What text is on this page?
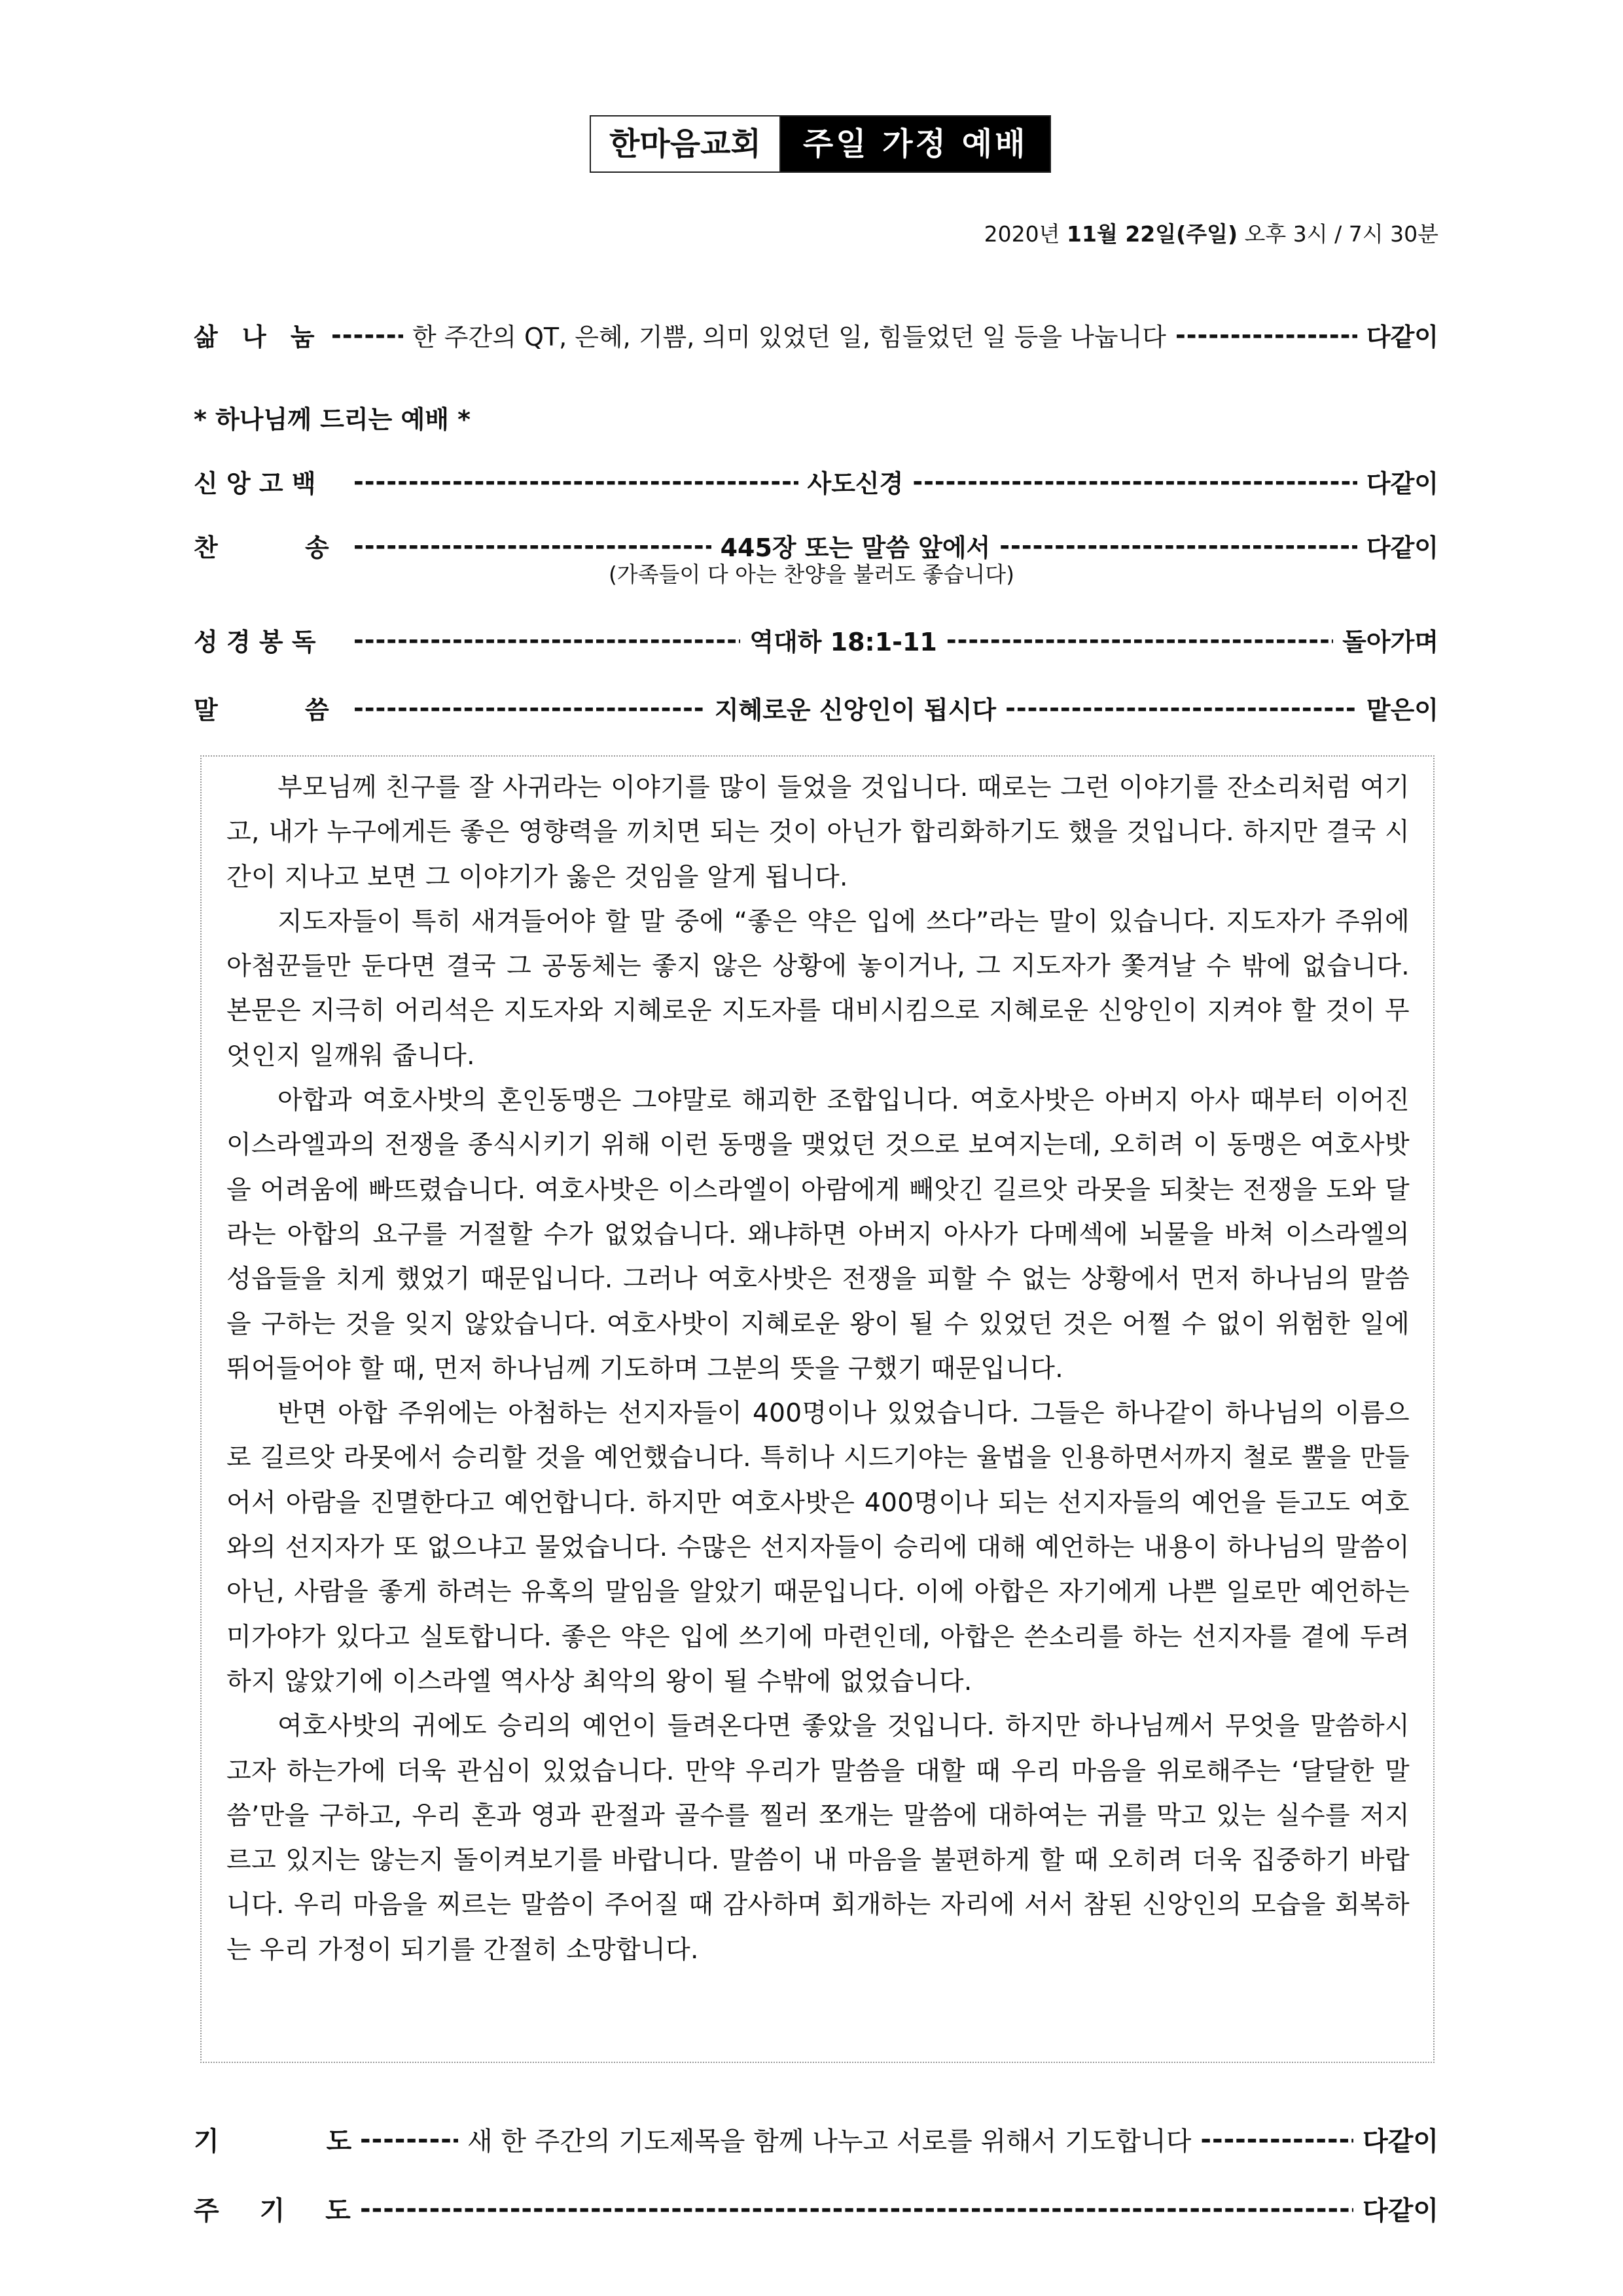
한마음교회	주일 가정 예배
2020년 11월 22일(주일) 오후 3시 / 7시 30분
삶 나 눔 -----	한 주간의 QT, 은혜, 기쁨, 의미 있었던 일, 힘들었던 일 등을 나눕니다 -----	다같이
* 하나님께 드리는 예배 *
신 앙 고 백 -----	사도신경 -----	다같이
찬 송 -----	445장 또는 말씀 앞에서 -----	다같이
(가족들이 다 아는 찬양을 불러도 좋습니다)
성 경 봉 독 -----	역대하 18:1-11 -----	돌아가며
말 씀 -----	지혜로운 신앙인이 됩시다 -----	맡은이

부모님께 친구를 잘 사귀라는 이야기를 많이 들었을 것입니다. 때로는 그런 이야기를 잔소리처럼 여기고, 내가 누구에게든 좋은 영향력을 끼치면 되는 것이 아닌가 합리화하기도 했을 것입니다. 하지만 결국 시간이 지나고 보면 그 이야기가 옳은 것임을 알게 됩니다.

지도자들이 특히 새겨들어야 할 말 중에 “좋은 약은 입에 쓰다”라는 말이 있습니다. 지도자가 주위에 아첨꾼들만 둔다면 결국 그 공동체는 좋지 않은 상황에 놓이거나, 그 지도자가 쫓겨날 수 밖에 없습니다. 본문은 지극히 어리석은 지도자와 지혜로운 지도자를 대비시킴으로 지혜로운 신앙인이 지켜야 할 것이 무엇인지 일깨워 줍니다.

아합과 여호사밧의 혼인동맹은 그야말로 해괴한 조합입니다. 여호사밧은 아버지 아사 때부터 이어진 이스라엘과의 전쟁을 종식시키기 위해 이런 동맹을 맺었던 것으로 보여지는데, 오히려 이 동맹은 여호사밧을 어려움에 빠뜨렸습니다. 여호사밧은 이스라엘이 아람에게 빼앗긴 길르앗 라못을 되찾는 전쟁을 도와 달라는 아합의 요구를 거절할 수가 없었습니다. 왜냐하면 아버지 아사가 다메섹에 뇌물을 바쳐 이스라엘의 성읍들을 치게 했었기 때문입니다. 그러나 여호사밧은 전쟁을 피할 수 없는 상황에서 먼저 하나님의 말씀을 구하는 것을 잊지 않았습니다. 여호사밧이 지혜로운 왕이 될 수 있었던 것은 어쩔 수 없이 위험한 일에 뛰어들어야 할 때, 먼저 하나님께 기도하며 그분의 뜻을 구했기 때문입니다.

반면 아합 주위에는 아첨하는 선지자들이 400명이나 있었습니다. 그들은 하나같이 하나님의 이름으로 길르앗 라못에서 승리할 것을 예언했습니다. 특히나 시드기야는 율법을 인용하면서까지 철로 뿔을 만들어서 아람을 진멸한다고 예언합니다. 하지만 여호사밧은 400명이나 되는 선지자들의 예언을 듣고도 여호와의 선지자가 또 없으냐고 물었습니다. 수많은 선지자들이 승리에 대해 예언하는 내용이 하나님의 말씀이 아닌, 사람을 좋게 하려는 유혹의 말임을 알았기 때문입니다. 이에 아합은 자기에게 나쁜 일로만 예언하는 미가야가 있다고 실토합니다. 좋은 약은 입에 쓰기에 마련인데, 아합은 쓴소리를 하는 선지자를 곁에 두려 하지 않았기에 이스라엘 역사상 최악의 왕이 될 수밖에 없었습니다.

여호사밧의 귀에도 승리의 예언이 들려온다면 좋았을 것입니다. 하지만 하나님께서 무엇을 말씀하시고자 하는가에 더욱 관심이 있었습니다. 만약 우리가 말씀을 대할 때 우리 마음을 위로해주는 ‘달달한 말씀’만을 구하고, 우리 혼과 영과 관절과 골수를 찔러 쪼개는 말씀에 대하여는 귀를 막고 있는 실수를 저지르고 있지는 않는지 돌이켜보기를 바랍니다. 말씀이 내 마음을 불편하게 할 때 오히려 더욱 집중하기 바랍니다. 우리 마음을 찌르는 말씀이 주어질 때 감사하며 회개하는 자리에 서서 참된 신앙인의 모습을 회복하는 우리 가정이 되기를 간절히 소망합니다.

기 도 -----	새 한 주간의 기도제목을 함께 나누고 서로를 위해서 기도합니다 -----	다같이
주 기 도 -----	다같이
